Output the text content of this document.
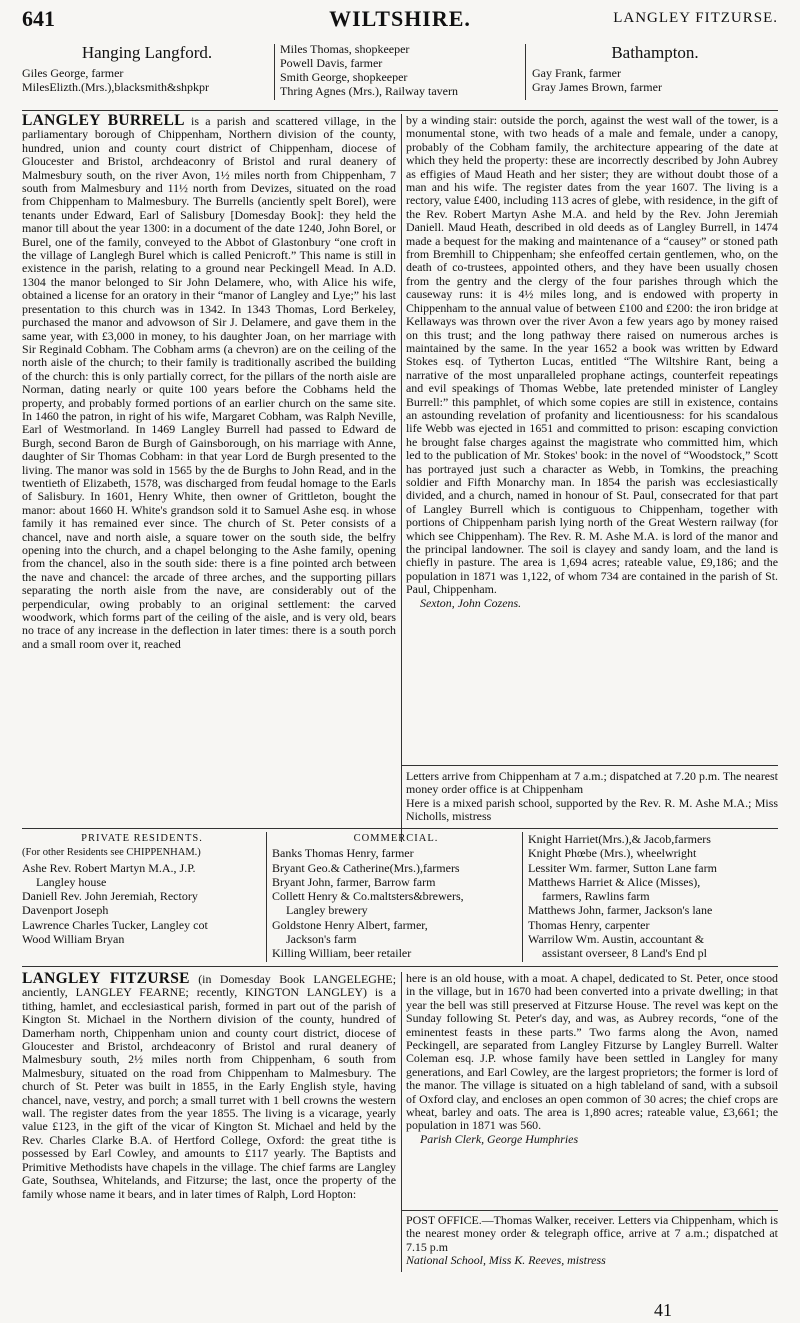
641	WILTSHIRE.	LANGLEY FITZURSE.
Hanging Langford.
Giles George, farmer
MilesElizth.(Mrs.),blacksmith&shpkpr
Miles Thomas, shopkeeper
Powell Davis, farmer
Smith George, shopkeeper
Thring Agnes (Mrs.), Railway tavern
Bathampton.
Gay Frank, farmer
Gray James Brown, farmer

LANGLEY BURRELL is a parish and scattered village, in the parliamentary borough of Chippenham, Northern division of the county, hundred, union and county court district of Chippenham, diocese of Gloucester and Bristol, archdeaconry of Bristol and rural deanery of Malmesbury south, on the river Avon, 1½ miles north from Chippenham, 7 south from Malmesbury and 11½ north from Devizes, situated on the road from Chippenham to Malmesbury. The Burrells (anciently spelt Borel), were tenants under Edward, Earl of Salisbury [Domesday Book]: they held the manor till about the year 1300: in a document of the date 1240, John Borel, or Burel, one of the family, conveyed to the Abbot of Glastonbury “one croft in the village of Langlegh Burel which is called Penicroft.” This name is still in existence in the parish, relating to a ground near Peckingell Mead. In A.D. 1304 the manor belonged to Sir John Delamere, who, with Alice his wife, obtained a license for an oratory in their “manor of Langley and Lye;” his last presentation to this church was in 1342. In 1343 Thomas, Lord Berkeley, purchased the manor and advowson of Sir J. Delamere, and gave them in the same year, with £3,000 in money, to his daughter Joan, on her marriage with Sir Reginald Cobham. The Cobham arms (a chevron) are on the ceiling of the north aisle of the church; to their family is traditionally ascribed the building of the church: this is only partially correct, for the pillars of the north aisle are Norman, dating nearly or quite 100 years before the Cobhams held the property, and probably formed portions of an earlier church on the same site. In 1460 the patron, in right of his wife, Margaret Cobham, was Ralph Neville, Earl of Westmorland. In 1469 Langley Burrell had passed to Edward de Burgh, second Baron de Burgh of Gainsborough, on his marriage with Anne, daughter of Sir Thomas Cobham: in that year Lord de Burgh presented to the living. The manor was sold in 1565 by the de Burghs to John Read, and in the twentieth of Elizabeth, 1578, was discharged from feudal homage to the Earls of Salisbury. In 1601, Henry White, then owner of Grittleton, bought the manor: about 1660 H. White's grandson sold it to Samuel Ashe esq. in whose family it has remained ever since. The church of St. Peter consists of a chancel, nave and north aisle, a square tower on the south side, the belfry opening into the church, and a chapel belonging to the Ashe family, opening from the chancel, also in the south side: there is a fine pointed arch between the nave and chancel: the arcade of three arches, and the supporting pillars separating the north aisle from the nave, are considerably out of the perpendicular, owing probably to an original settlement: the carved woodwork, which forms part of the ceiling of the aisle, and is very old, bears no trace of any increase in the deflection in later times: there is a south porch and a small room over it, reached

by a winding stair: outside the porch, against the west wall of the tower, is a monumental stone, with two heads of a male and female, under a canopy, probably of the Cobham family, the architecture appearing of the date at which they held the property: these are incorrectly described by John Aubrey as effigies of Maud Heath and her sister; they are without doubt those of a man and his wife. The register dates from the year 1607. The living is a rectory, value £400, including 113 acres of glebe, with residence, in the gift of the Rev. Robert Martyn Ashe M.A. and held by the Rev. John Jeremiah Daniell. Maud Heath, described in old deeds as of Langley Burrell, in 1474 made a bequest for the making and maintenance of a “causey” or stoned path from Bremhill to Chippenham; she enfeoffed certain gentlemen, who, on the death of co-trustees, appointed others, and they have been usually chosen from the gentry and the clergy of the four parishes through which the causeway runs: it is 4½ miles long, and is endowed with property in Chippenham to the annual value of between £100 and £200: the iron bridge at Kellaways was thrown over the river Avon a few years ago by money raised on this trust; and the long pathway there raised on numerous arches is maintained by the same. In the year 1652 a book was written by Edward Stokes esq. of Tytherton Lucas, entitled “The Wiltshire Rant, being a narrative of the most unparalleled prophane actings, counterfeit repeatings and evil speakings of Thomas Webbe, late pretended minister of Langley Burrell:” this pamphlet, of which some copies are still in existence, contains an astounding revelation of profanity and licentiousness: for his scandalous life Webb was ejected in 1651 and committed to prison: escaping conviction he brought false charges against the magistrate who committed him, which led to the publication of Mr. Stokes' book: in the novel of “Woodstock,” Scott has portrayed just such a character as Webb, in Tomkins, the preaching soldier and Fifth Monarchy man. In 1854 the parish was ecclesiastically divided, and a church, named in honour of St. Paul, consecrated for that part of Langley Burrell which is contiguous to Chippenham, together with portions of Chippenham parish lying north of the Great Western railway (for which see Chippenham). The Rev. R. M. Ashe M.A. is lord of the manor and the principal landowner. The soil is clayey and sandy loam, and the land is chiefly in pasture. The area is 1,694 acres; rateable value, £9,186; and the population in 1871 was 1,122, of whom 734 are contained in the parish of St. Paul, Chippenham.

Sexton, John Cozens.

Letters arrive from Chippenham at 7 a.m.; dispatched at 7.20 p.m. The nearest money order office is at Chippenham

Here is a mixed parish school, supported by the Rev. R. M. Ashe M.A.; Miss Nicholls, mistress

PRIVATE RESIDENTS.
(For other Residents see CHIPPENHAM.)
Ashe Rev. Robert Martyn M.A., J.P.
Langley house
Daniell Rev. John Jeremiah, Rectory
Davenport Joseph
Lawrence Charles Tucker, Langley cot
Wood William Bryan
COMMERCIAL.
Banks Thomas Henry, farmer
Bryant Geo.& Catherine(Mrs.),farmers
Bryant John, farmer, Barrow farm
Collett Henry & Co.maltsters&brewers,
Langley brewery
Goldstone Henry Albert, farmer,
Jackson's farm
Killing William, beer retailer
Knight Harriet(Mrs.),& Jacob,farmers
Knight Phœbe (Mrs.), wheelwright
Lessiter Wm. farmer, Sutton Lane farm
Matthews Harriet & Alice (Misses),
farmers, Rawlins farm
Matthews John, farmer, Jackson's lane
Thomas Henry, carpenter
Warrilow Wm. Austin, accountant &
assistant overseer, 8 Land's End pl

LANGLEY FITZURSE (in Domesday Book LANGELEGHE; anciently, LANGLEY FEARNE; recently, KINGTON LANGLEY) is a tithing, hamlet, and ecclesiastical parish, formed in part out of the parish of Kington St. Michael in the Northern division of the county, hundred of Damerham north, Chippenham union and county court district, diocese of Gloucester and Bristol, archdeaconry of Bristol and rural deanery of Malmesbury south, 2½ miles north from Chippenham, 6 south from Malmesbury, situated on the road from Chippenham to Malmesbury. The church of St. Peter was built in 1855, in the Early English style, having chancel, nave, vestry, and porch; a small turret with 1 bell crowns the western wall. The register dates from the year 1855. The living is a vicarage, yearly value £123, in the gift of the vicar of Kington St. Michael and held by the Rev. Charles Clarke B.A. of Hertford College, Oxford: the great tithe is possessed by Earl Cowley, and amounts to £117 yearly. The Baptists and Primitive Methodists have chapels in the village. The chief farms are Langley Gate, Southsea, Whitelands, and Fitzurse; the last, once the property of the family whose name it bears, and in later times of Ralph, Lord Hopton:

here is an old house, with a moat. A chapel, dedicated to St. Peter, once stood in the village, but in 1670 had been converted into a private dwelling; in that year the bell was still preserved at Fitzurse House. The revel was kept on the Sunday following St. Peter's day, and was, as Aubrey records, “one of the eminentest feasts in these parts.” Two farms along the Avon, named Peckingell, are separated from Langley Fitzurse by Langley Burrell. Walter Coleman esq. J.P. whose family have been settled in Langley for many generations, and Earl Cowley, are the largest proprietors; the former is lord of the manor. The village is situated on a high tableland of sand, with a subsoil of Oxford clay, and encloses an open common of 30 acres; the chief crops are wheat, barley and oats. The area is 1,890 acres; rateable value, £3,661; the population in 1871 was 560.

Parish Clerk, George Humphries

POST OFFICE.—Thomas Walker, receiver. Letters via Chippenham, which is the nearest money order & telegraph office, arrive at 7 a.m.; dispatched at 7.15 p.m

National School, Miss K. Reeves, mistress

41
